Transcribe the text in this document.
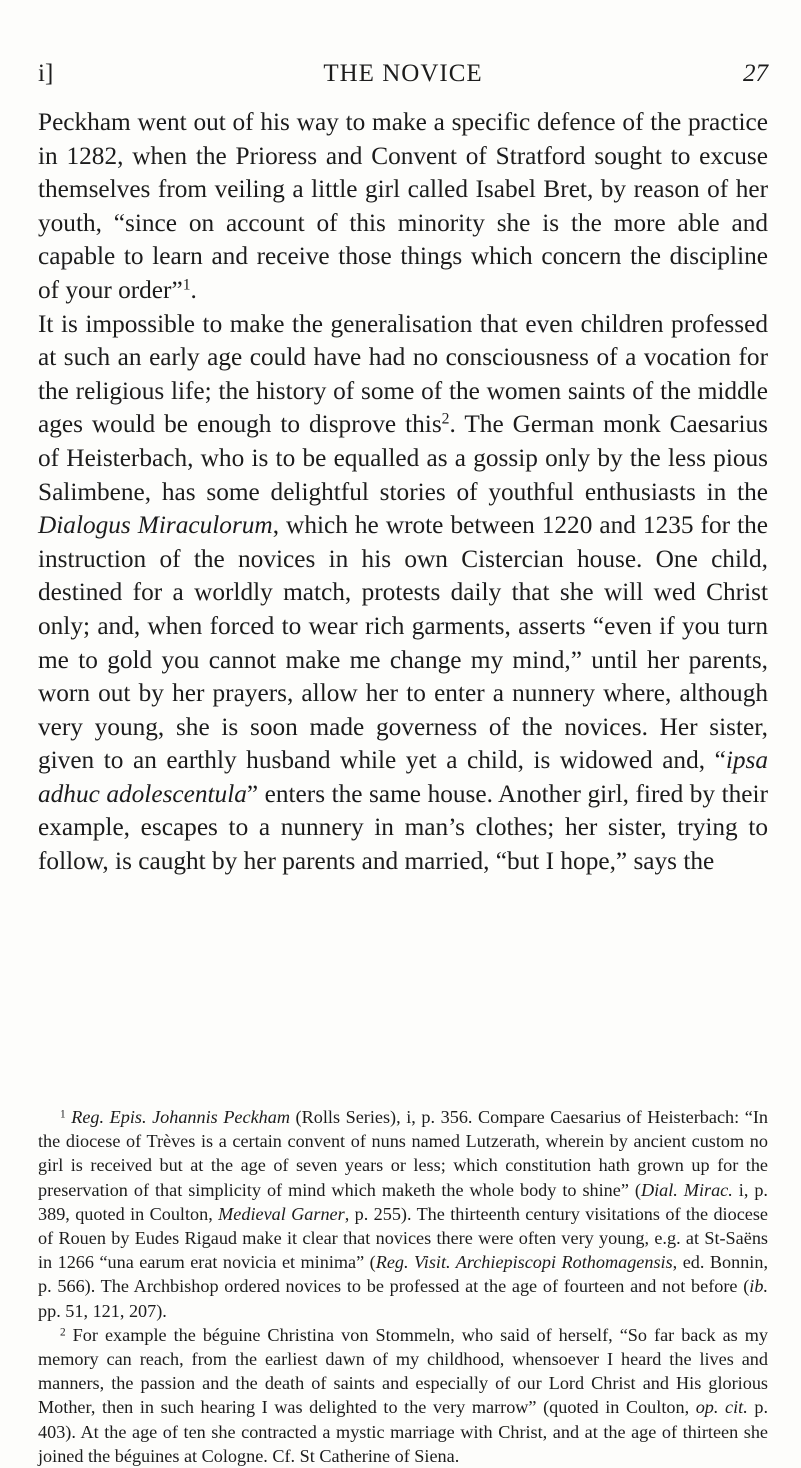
i]	THE NOVICE	27

Peckham went out of his way to make a specific defence of the practice in 1282, when the Prioress and Convent of Stratford sought to excuse themselves from veiling a little girl called Isabel Bret, by reason of her youth, “since on account of this minority she is the more able and capable to learn and receive those things which concern the discipline of your order”$^1$.

It is impossible to make the generalisation that even children professed at such an early age could have had no consciousness of a vocation for the religious life; the history of some of the women saints of the middle ages would be enough to disprove this$^2$. The German monk Caesarius of Heisterbach, who is to be equalled as a gossip only by the less pious Salimbene, has some delightful stories of youthful enthusiasts in the Dialogus Miraculorum, which he wrote between 1220 and 1235 for the instruction of the novices in his own Cistercian house. One child, destined for a worldly match, protests daily that she will wed Christ only; and, when forced to wear rich garments, asserts “even if you turn me to gold you cannot make me change my mind,” until her parents, worn out by her prayers, allow her to enter a nunnery where, although very young, she is soon made governess of the novices. Her sister, given to an earthly husband while yet a child, is widowed and, “ipsa adhuc adolescentula” enters the same house. Another girl, fired by their example, escapes to a nunnery in man’s clothes; her sister, trying to follow, is caught by her parents and married, “but I hope,” says the

$^1$ Reg. Epis. Johannis Peckham (Rolls Series), i, p. 356. Compare Caesarius of Heisterbach: “In the diocese of Trèves is a certain convent of nuns named Lutzerath, wherein by ancient custom no girl is received but at the age of seven years or less; which constitution hath grown up for the preservation of that simplicity of mind which maketh the whole body to shine” (Dial. Mirac. i, p. 389, quoted in Coulton, Medieval Garner, p. 255). The thirteenth century visitations of the diocese of Rouen by Eudes Rigaud make it clear that novices there were often very young, e.g. at St-Saëns in 1266 “una earum erat novicia et minima” (Reg. Visit. Archiepiscopi Rothomagensis, ed. Bonnin, p. 566). The Archbishop ordered novices to be professed at the age of fourteen and not before (ib. pp. 51, 121, 207).

$^2$ For example the béguine Christina von Stommeln, who said of herself, “So far back as my memory can reach, from the earliest dawn of my childhood, whensoever I heard the lives and manners, the passion and the death of saints and especially of our Lord Christ and His glorious Mother, then in such hearing I was delighted to the very marrow” (quoted in Coulton, op. cit. p. 403). At the age of ten she contracted a mystic marriage with Christ, and at the age of thirteen she joined the béguines at Cologne. Cf. St Catherine of Siena.
